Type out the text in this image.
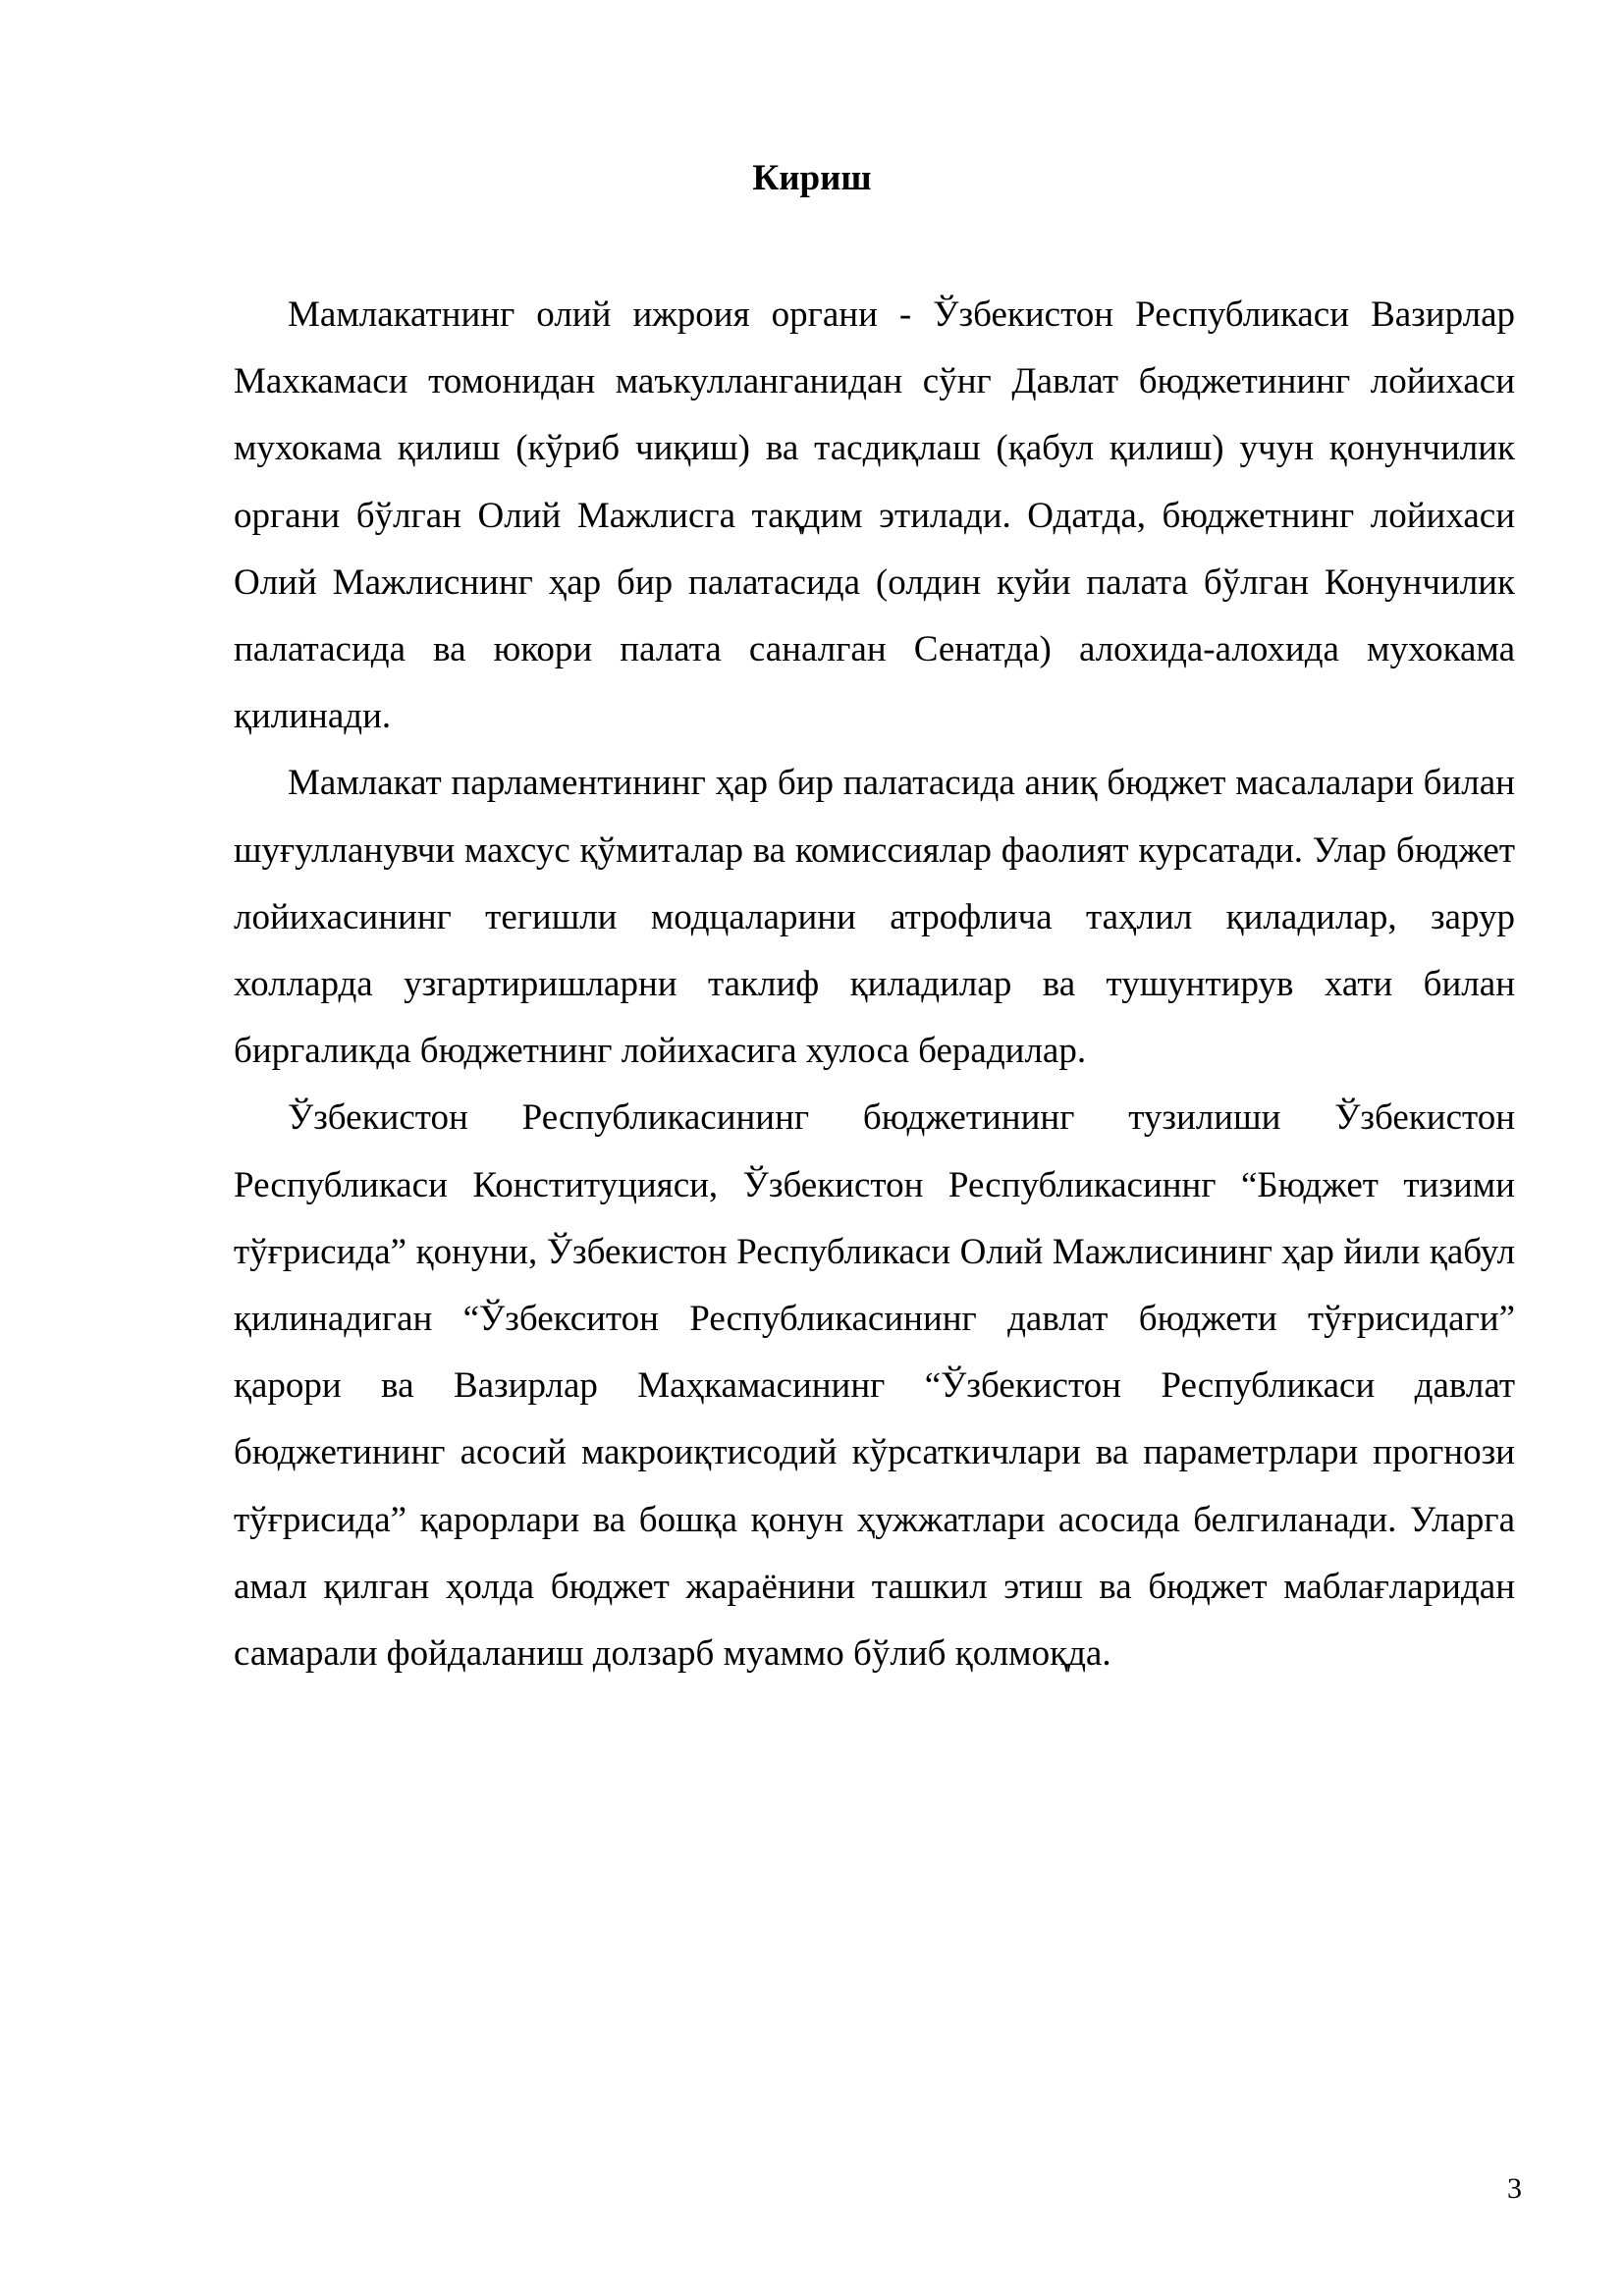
Кириш

Мамлакатнинг олий ижроия органи - Ўзбекистон Республикаси Вазирлар Махкамаси томонидан маъкулланганидан сўнг Давлат бюджетининг лойихаси мухокама қилиш (кўриб чиқиш) ва тасдиқлаш (қабул қилиш) учун қонунчилик органи бўлган Олий Мажлисга тақдим этилади. Одатда, бюджетнинг лойихаси Олий Мажлиснинг ҳар бир палатасида (олдин куйи палата бўлган Конунчилик палатасида ва юкори палата саналган Сенатда) алохида-алохида мухокама қилинади.

Мамлакат парламентининг ҳар бир палатасида аниқ бюджет масалалари билан шуғулланувчи махсус қўмиталар ва комиссиялар фаолият курсатади. Улар бюджет лойихасининг тегишли модцаларини атрофлича таҳлил қиладилар, зарур холларда узгартиришларни таклиф қиладилар ва тушунтирув хати билан биргаликда бюджетнинг лойихасига хулоса берадилар.

Ўзбекистон Республикасининг бюджетининг тузилиши Ўзбекистон Республикаси Конституцияси, Ўзбекистон Республикасиннг “Бюджет тизими тўғрисида” қонуни, Ўзбекистон Республикаси Олий Мажлисининг ҳар йили қабул қилинадиган “Ўзбекситон Республикасининг давлат бюджети тўғрисидаги” қарори ва Вазирлар Маҳкамасининг “Ўзбекистон Республикаси давлат бюджетининг асосий макроиқтисодий кўрсаткичлари ва параметрлари прогнози тўғрисида” қарорлари ва бошқа қонун ҳужжатлари асосида белгиланади. Уларга амал қилган ҳолда бюджет жараёнини ташкил этиш ва бюджет маблағларидан самарали фойдаланиш долзарб муаммо бўлиб қолмоқда.

3
